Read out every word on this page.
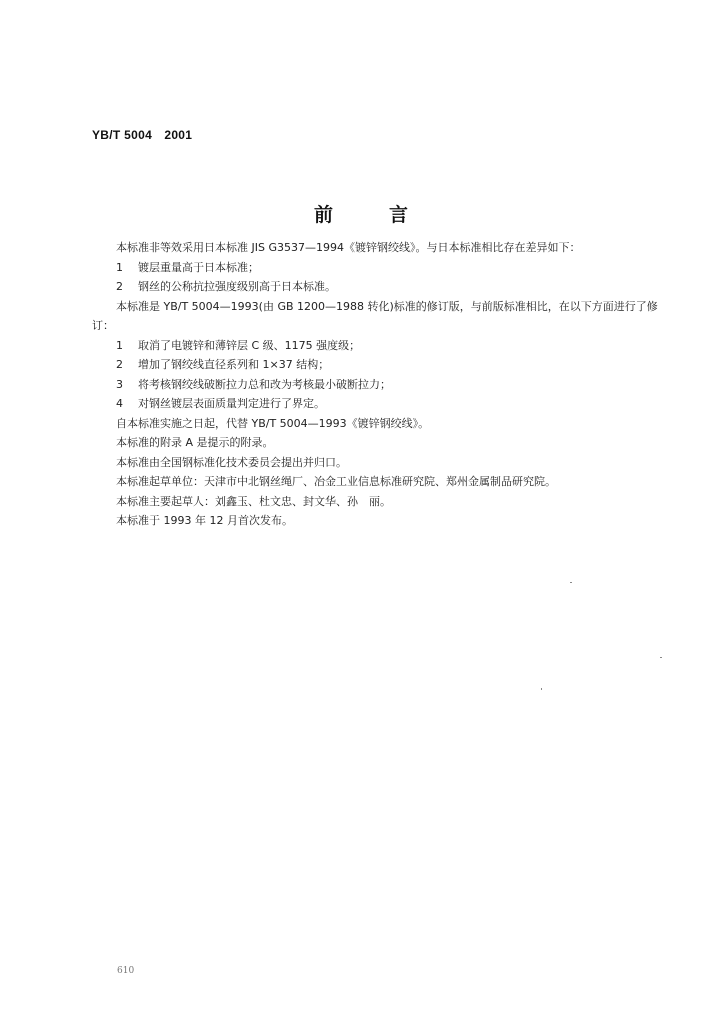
YB/T 5004 2001
前言

本标准非等效采用日本标准 JIS G3537—1994《镀锌钢绞线》。与日本标准相比存在差异如下：

1 镀层重量高于日本标准；

2 钢丝的公称抗拉强度级别高于日本标准。

本标准是 YB/T 5004—1993(由 GB 1200—1988 转化)标准的修订版，与前版标准相比，在以下方面进行了修订：

1 取消了电镀锌和薄锌层 C 级、1175 强度级；

2 增加了钢绞线直径系列和 1×37 结构；

3 将考核钢绞线破断拉力总和改为考核最小破断拉力；

4 对钢丝镀层表面质量判定进行了界定。

自本标准实施之日起，代替 YB/T 5004—1993《镀锌钢绞线》。

本标准的附录 A 是提示的附录。

本标准由全国钢标准化技术委员会提出并归口。

本标准起草单位：天津市中北钢丝绳厂、冶金工业信息标准研究院、郑州金属制品研究院。

本标准主要起草人：刘鑫玉、杜文忠、封文华、孙　丽。

本标准于 1993 年 12 月首次发布。

610
